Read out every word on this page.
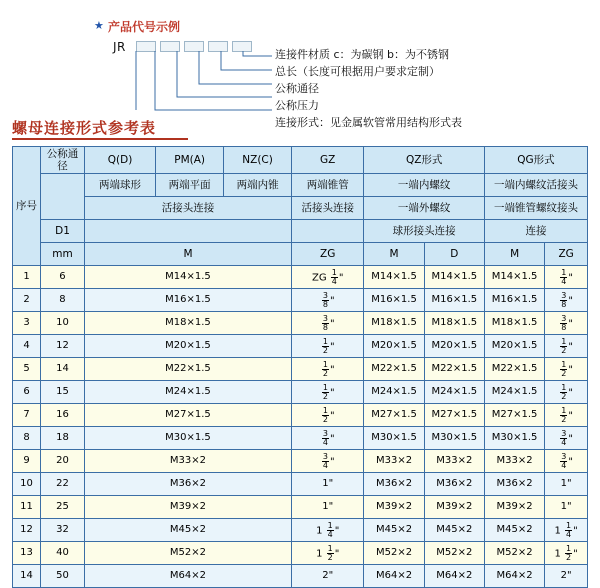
★ 产品代号示例
JR
连接件材质 c：为碳钢 b：为不锈钢
总长（长度可根据用户要求定制）
公称通径
公称压力
连接形式：见金属软管常用结构形式表
螺母连接形式参考表
序号	公称通径	Q(D)	PM(A)	NZ(C)	GZ	QZ形式		QG形式	
		两端球形	两端平面	两端内锥	两端锥管	一端内螺纹		一端内螺纹活接头	
		活接头连接			活接头连接	一端外螺纹		一端锥管螺纹接头	
	D1					球形接头连接		连接	
	mm	M			ZG	M	D	M	ZG
1	6	M14×1.5			ZG $\frac{1}{4}$ "	M14×1.5	M14×1.5	M14×1.5	$\frac{1}{4}$ "
2	8	M16×1.5			$\frac{3}{8}$ "	M16×1.5	M16×1.5	M16×1.5	$\frac{3}{8}$ "
3	10	M18×1.5			$\frac{3}{8}$ "	M18×1.5	M18×1.5	M18×1.5	$\frac{3}{8}$ "
4	12	M20×1.5			$\frac{1}{2}$ "	M20×1.5	M20×1.5	M20×1.5	$\frac{1}{2}$ "
5	14	M22×1.5			$\frac{1}{2}$ "	M22×1.5	M22×1.5	M22×1.5	$\frac{1}{2}$ "
6	15	M24×1.5			$\frac{1}{2}$ "	M24×1.5	M24×1.5	M24×1.5	$\frac{1}{2}$ "
7	16	M27×1.5			$\frac{1}{2}$ "	M27×1.5	M27×1.5	M27×1.5	$\frac{1}{2}$ "
8	18	M30×1.5			$\frac{3}{4}$ "	M30×1.5	M30×1.5	M30×1.5	$\frac{3}{4}$ "
9	20	M33×2			$\frac{3}{4}$ "	M33×2	M33×2	M33×2	$\frac{3}{4}$ "
10	22	M36×2			1"	M36×2	M36×2	M36×2	1"
11	25	M39×2			1"	M39×2	M39×2	M39×2	1"
12	32	M45×2			$1 \frac{1}{4}$ "	M45×2	M45×2	M45×2	$1 \frac{1}{4}$ "
13	40	M52×2			$1 \frac{1}{2}$ "	M52×2	M52×2	M52×2	$1 \frac{1}{2}$ "
14	50	M64×2			2"	M64×2	M64×2	M64×2	2"
